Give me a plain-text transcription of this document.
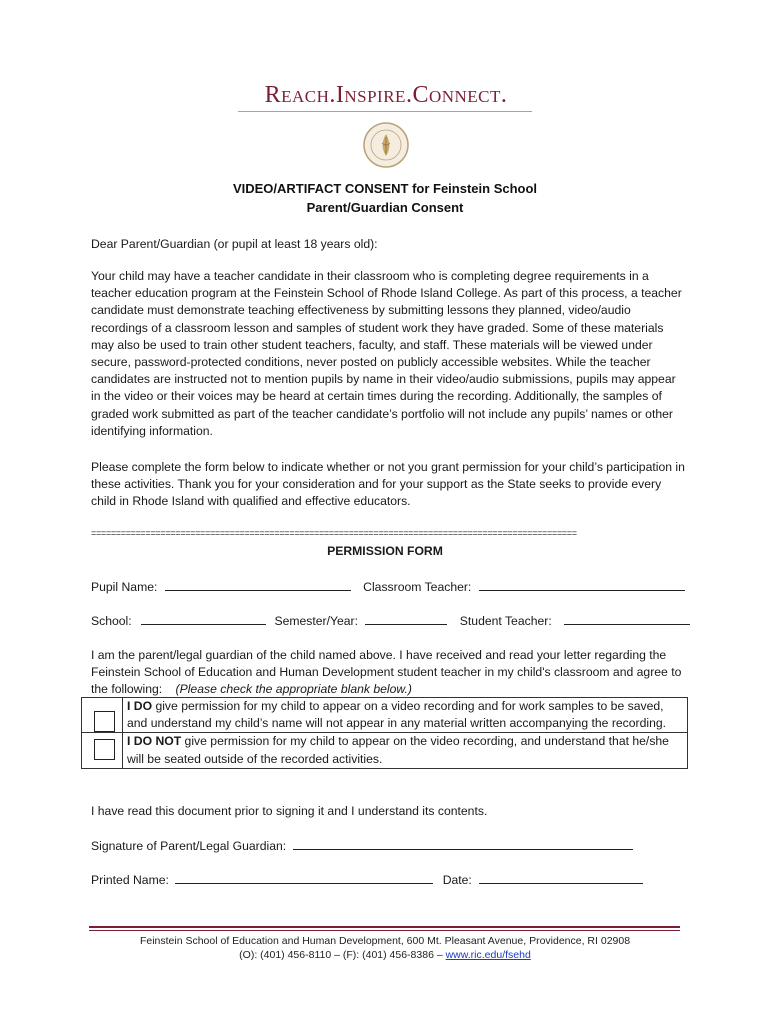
Reach.Inspire.Connect.
VIDEO/ARTIFACT CONSENT for Feinstein School
Parent/Guardian Consent
Dear Parent/Guardian (or pupil at least 18 years old):
Your child may have a teacher candidate in their classroom who is completing degree requirements in a teacher education program at the Feinstein School of Rhode Island College. As part of this process, a teacher candidate must demonstrate teaching effectiveness by submitting lessons they planned, video/audio recordings of a classroom lesson and samples of student work they have graded. Some of these materials may also be used to train other student teachers, faculty, and staff. These materials will be viewed under secure, password-protected conditions, never posted on publicly accessible websites. While the teacher candidates are instructed not to mention pupils by name in their video/audio submissions, pupils may appear in the video or their voices may be heard at certain times during the recording. Additionally, the samples of graded work submitted as part of the teacher candidate’s portfolio will not include any pupils’ names or other identifying information.
Please complete the form below to indicate whether or not you grant permission for your child’s participation in these activities. Thank you for your consideration and for your support as the State seeks to provide every child in Rhode Island with qualified and effective educators.
==================================================================================================
PERMISSION FORM
Pupil Name:	Classroom Teacher:
School:	Semester/Year:	Student Teacher:
I am the parent/legal guardian of the child named above. I have received and read your letter regarding the Feinstein School of Education and Human Development student teacher in my child's classroom and agree to the following: (Please check the appropriate blank below.)
	I DO give permission for my child to appear on a video recording and for work samples to be saved, and understand my child’s name will not appear in any material written accompanying the recording.

	I DO NOT give permission for my child to appear on the video recording, and understand that he/she will be seated outside of the recorded activities.
I have read this document prior to signing it and I understand its contents.
Signature of Parent/Legal Guardian:
Printed Name:	Date:
Feinstein School of Education and Human Development, 600 Mt. Pleasant Avenue, Providence, RI 02908
(O): (401) 456-8110 – (F): (401) 456-8386 – www.ric.edu/fsehd
